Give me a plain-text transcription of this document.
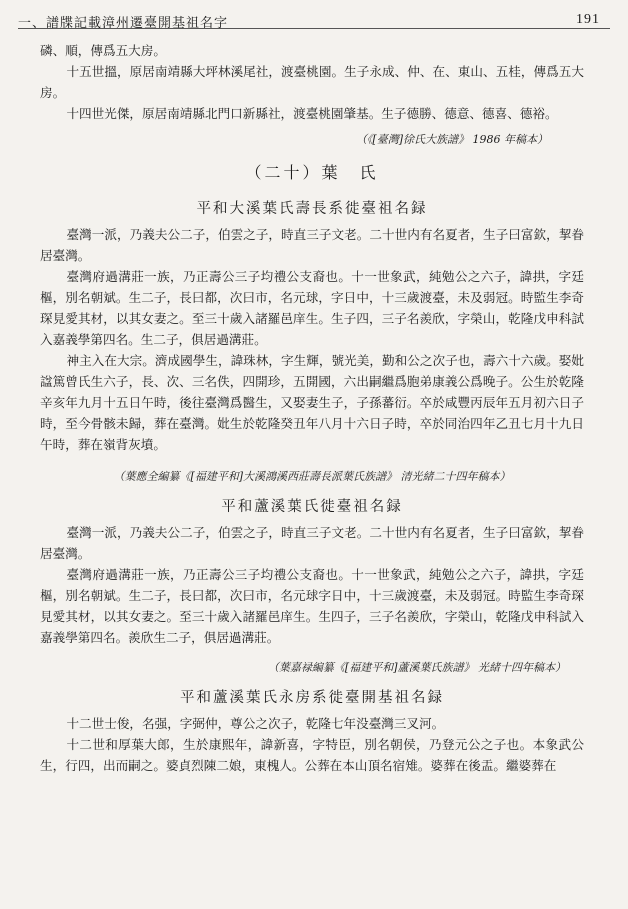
一、譜牒記載漳州遷臺開基祖名字	191

磷、順，傳爲五大房。

十五世搵，原居南靖縣大坪林溪尾社，渡臺桃園。生子永成、仲、在、東山、五桂，傳爲五大房。

十四世光傑，原居南靖縣北門口新縣社，渡臺桃園肇基。生子德勝、德意、德喜、德裕。

（《[臺灣]徐氏大族譜》 1986 年稿本）

（二十）葉　氏
平和大溪葉氏壽長系徙臺祖名録

臺灣一派，乃義夫公二子，伯雲之子，時直三子文老。二十世内有名夏者，生子曰富欽，挈眷居臺灣。

臺灣府過溝莊一族，乃正壽公三子均禮公支裔也。十一世象武，純勉公之六子，諱拱，字廷樞，別名朝斌。生二子，長曰都，次曰市，名元球，字日中，十三歲渡臺，未及弱冠。時監生李奇琛見愛其材，以其女妻之。至三十歲入諸羅邑庠生。生子四，三子名羨欣，字榮山，乾隆戊申科試入嘉義學第四名。生二子，俱居過溝莊。

神主入在大宗。濟成國學生，諱珠林，字生輝，號光美，勤和公之次子也，壽六十六歲。娶妣諡篤曾氏生六子，長、次、三名佚，四開珍，五開國，六出嗣繼爲胞弟康義公爲晚子。公生於乾隆辛亥年九月十五日午時，後往臺灣爲醫生，又娶妻生子，子孫蕃衍。卒於咸豐丙辰年五月初六日子時，至今骨骸未歸，葬在臺灣。妣生於乾隆癸丑年八月十六日子時，卒於同治四年乙丑七月十九日午時，葬在嶺背灰墳。

（葉應全編纂《[福建平和]大溪鴻溪西莊壽長派葉氏族譜》 清光緒二十四年稿本）

平和蘆溪葉氏徙臺祖名録

臺灣一派，乃義夫公二子，伯雲之子，時直三子文老。二十世内有名夏者，生子曰富欽，挈眷居臺灣。

臺灣府過溝莊一族，乃正壽公三子均禮公支裔也。十一世象武，純勉公之六子，諱拱，字廷樞，別名朝斌。生二子，長曰都，次曰市，名元球字日中，十三歲渡臺，未及弱冠。時監生李奇琛見愛其材，以其女妻之。至三十歲入諸羅邑庠生。生四子，三子名羨欣，字榮山，乾隆戊申科試入嘉義學第四名。羨欣生二子，俱居過溝莊。

（葉嘉禄編纂《[福建平和]蘆溪葉氏族譜》 光緒十四年稿本）

平和蘆溪葉氏永房系徙臺開基祖名録

十二世士俊，名强，字弼仲，尊公之次子，乾隆七年没臺灣三叉河。

十二世和厚葉大郎，生於康熙年，諱新喜，字特臣，別名朝侯，乃登元公之子也。本象武公生，行四，出而嗣之。婆貞烈陳二娘，東槐人。公葬在本山頂名宿雉。婆葬在後盂。繼婆葬在
